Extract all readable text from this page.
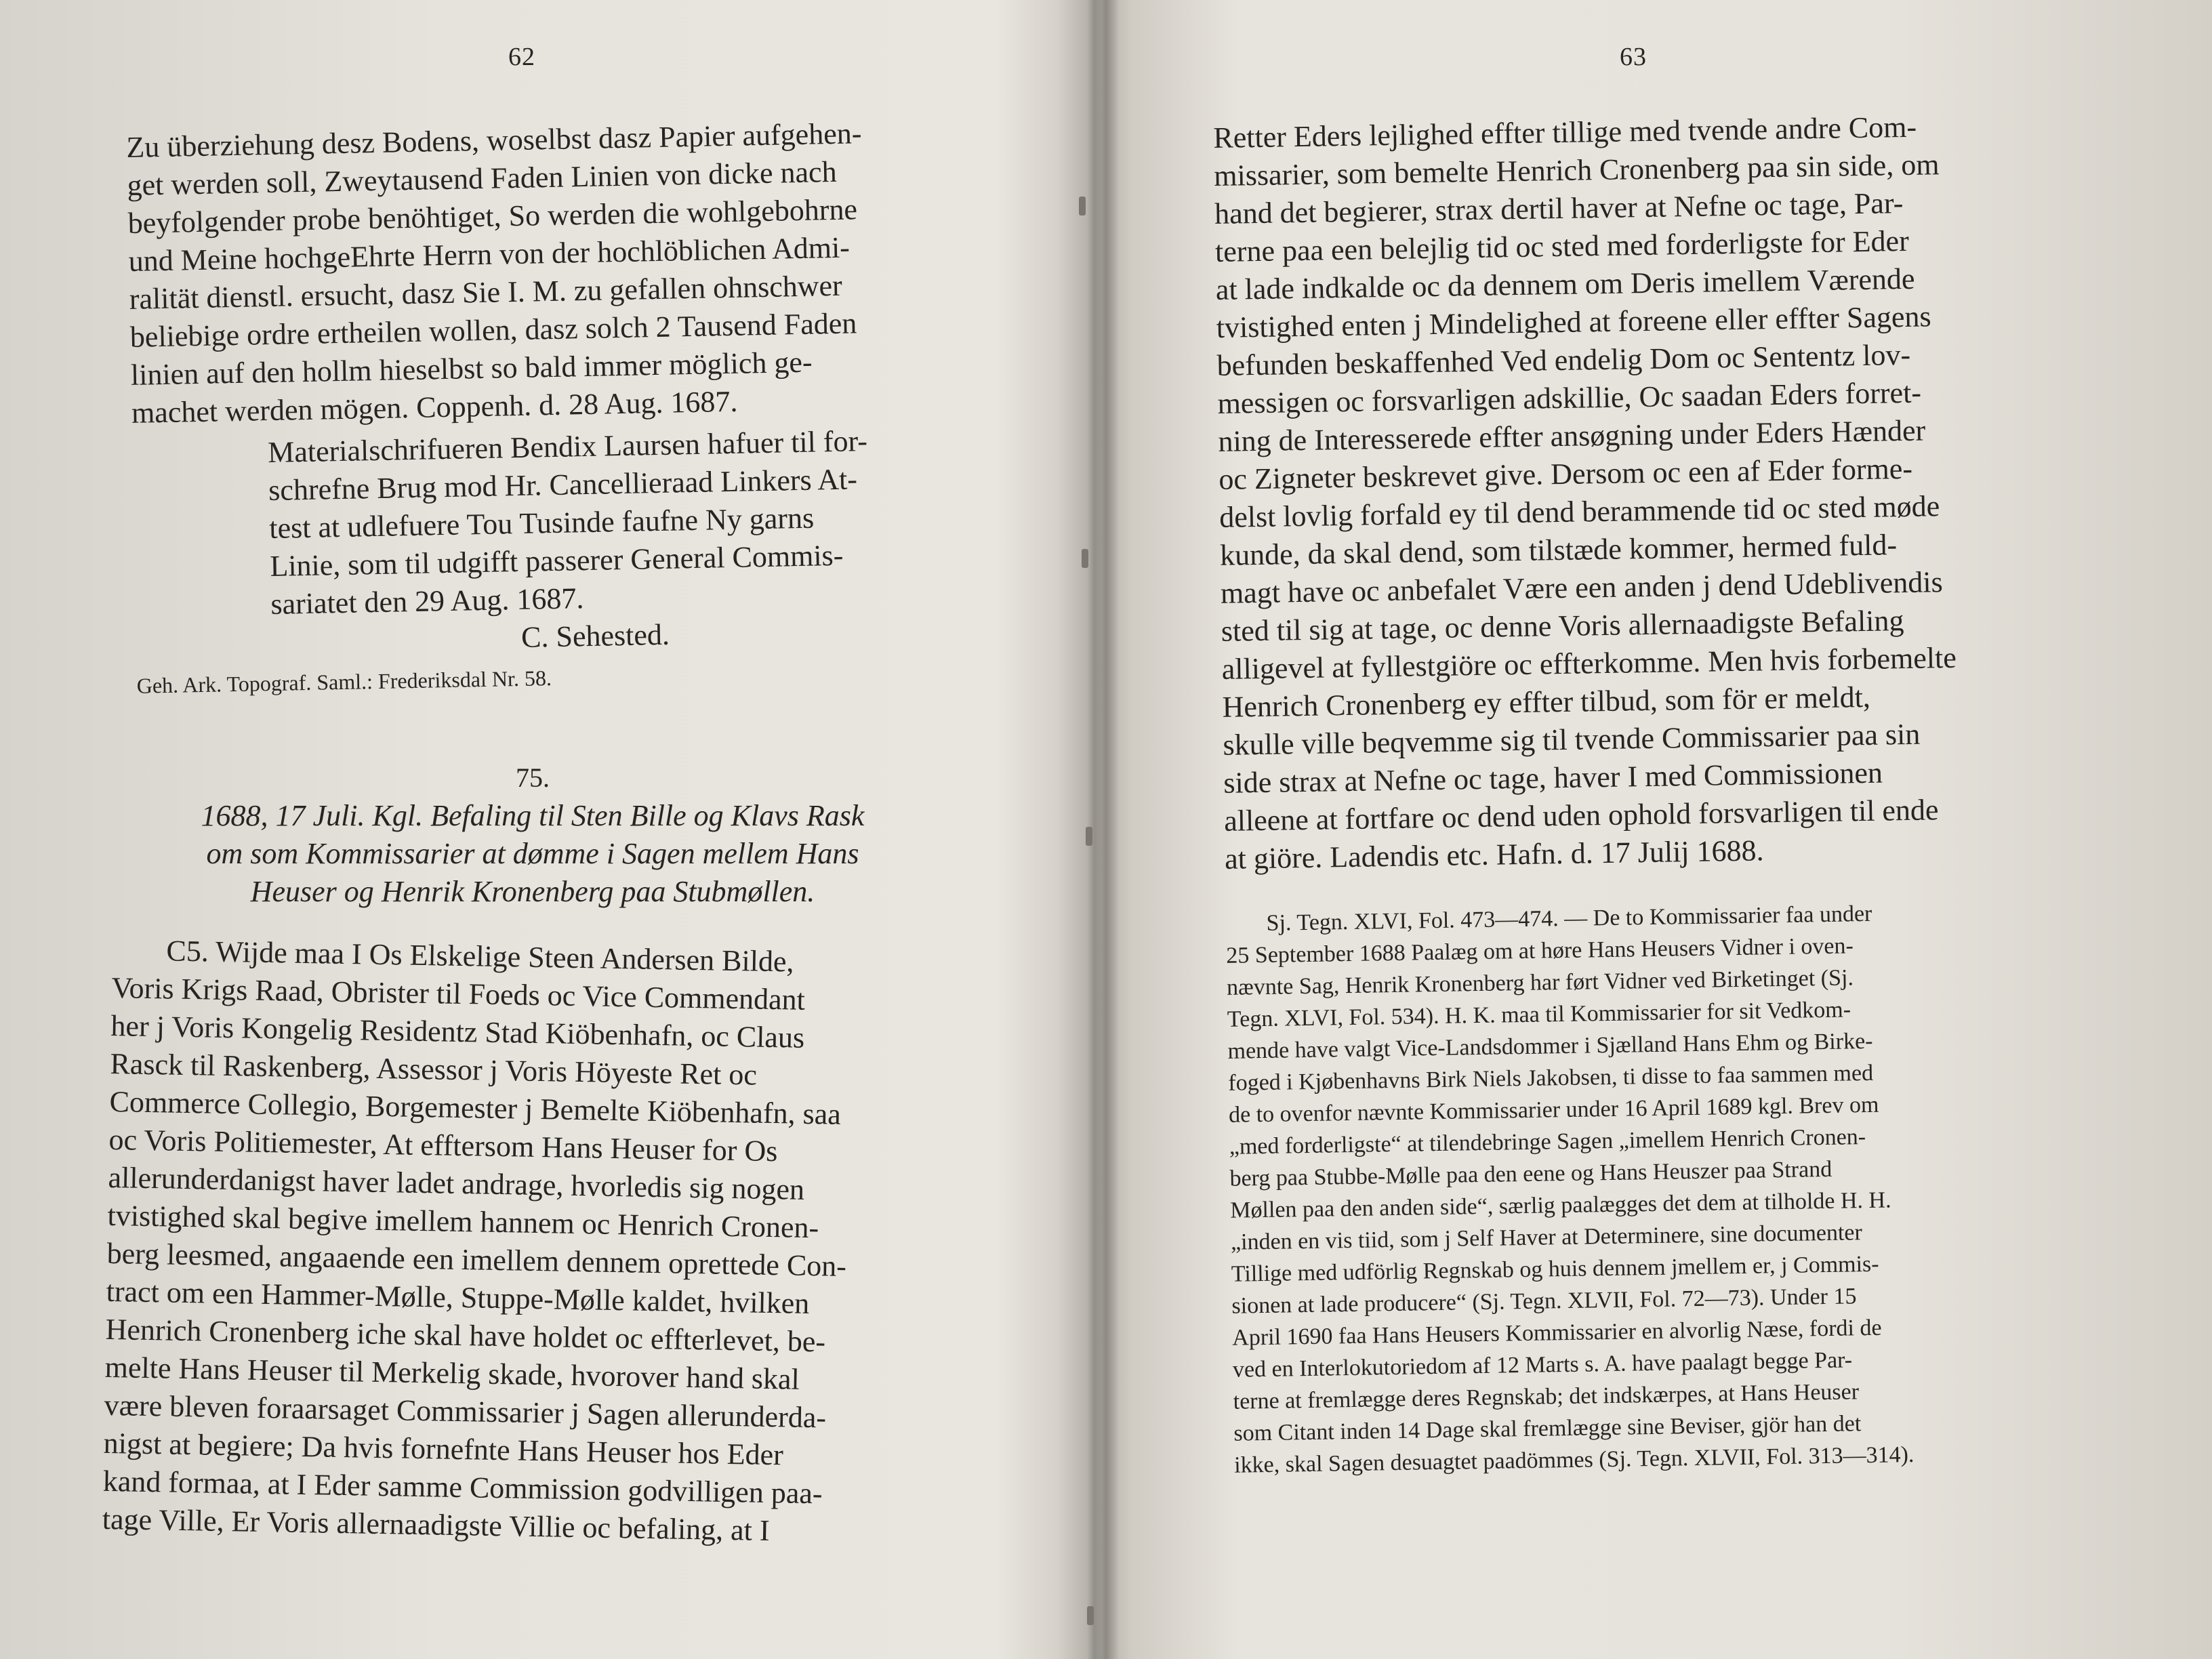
62

Zu überziehung desz Bodens, woselbst dasz Papier aufgehen-

get werden soll, Zweytausend Faden Linien von dicke nach

beyfolgender probe benöhtiget, So werden die wohlgebohrne

und Meine hochgeEhrte Herrn von der hochlöblichen Admi-

ralität dienstl. ersucht, dasz Sie I. M. zu gefallen ohnschwer

beliebige ordre ertheilen wollen, dasz solch 2 Tausend Faden

linien auf den hollm hieselbst so bald immer möglich ge-

machet werden mögen. Coppenh. d. 28 Aug. 1687.

Materialschrifueren Bendix Laursen hafuer til for-

schrefne Brug mod Hr. Cancellieraad Linkers At-

test at udlefuere Tou Tusinde faufne Ny garns

Linie, som til udgifft passerer General Commis-

sariatet den 29 Aug. 1687.

C. Sehested.

Geh. Ark. Topograf. Saml.: Frederiksdal Nr. 58.

75.

1688, 17 Juli. Kgl. Befaling til Sten Bille og Klavs Rask

om som Kommissarier at dømme i Sagen mellem Hans

Heuser og Henrik Kronenberg paa Stubmøllen.

C5. Wijde maa I Os Elskelige Steen Andersen Bilde,

Voris Krigs Raad, Obrister til Foeds oc Vice Commendant

her j Voris Kongelig Residentz Stad Kiöbenhafn, oc Claus

Rasck til Raskenberg, Assessor j Voris Höyeste Ret oc

Commerce Collegio, Borgemester j Bemelte Kiöbenhafn, saa

oc Voris Politiemester, At efftersom Hans Heuser for Os

allerunderdanigst haver ladet andrage, hvorledis sig nogen

tvistighed skal begive imellem hannem oc Henrich Cronen-

berg leesmed, angaaende een imellem dennem oprettede Con-

tract om een Hammer-Mølle, Stuppe-Mølle kaldet, hvilken

Henrich Cronenberg iche skal have holdet oc effterlevet, be-

melte Hans Heuser til Merkelig skade, hvorover hand skal

være bleven foraarsaget Commissarier j Sagen allerunderda-

nigst at begiere; Da hvis fornefnte Hans Heuser hos Eder

kand formaa, at I Eder samme Commission godvilligen paa-

tage Ville, Er Voris allernaadigste Villie oc befaling, at I

63

Retter Eders lejlighed effter tillige med tvende andre Com-

missarier, som bemelte Henrich Cronenberg paa sin side, om

hand det begierer, strax dertil haver at Nefne oc tage, Par-

terne paa een belejlig tid oc sted med forderligste for Eder

at lade indkalde oc da dennem om Deris imellem Værende

tvistighed enten j Mindelighed at foreene eller effter Sagens

befunden beskaffenhed Ved endelig Dom oc Sententz lov-

messigen oc forsvarligen adskillie, Oc saadan Eders forret-

ning de Interesserede effter ansøgning under Eders Hænder

oc Zigneter beskrevet give. Dersom oc een af Eder forme-

delst lovlig forfald ey til dend berammende tid oc sted møde

kunde, da skal dend, som tilstæde kommer, hermed fuld-

magt have oc anbefalet Være een anden j dend Udeblivendis

sted til sig at tage, oc denne Voris allernaadigste Befaling

alligevel at fyllestgiöre oc effterkomme. Men hvis forbemelte

Henrich Cronenberg ey effter tilbud, som för er meldt,

skulle ville beqvemme sig til tvende Commissarier paa sin

side strax at Nefne oc tage, haver I med Commissionen

alleene at fortfare oc dend uden ophold forsvarligen til ende

at giöre. Ladendis etc. Hafn. d. 17 Julij 1688.

Sj. Tegn. XLVI, Fol. 473—474. — De to Kommissarier faa under

25 September 1688 Paalæg om at høre Hans Heusers Vidner i oven-

nævnte Sag, Henrik Kronenberg har ført Vidner ved Birketinget (Sj.

Tegn. XLVI, Fol. 534). H. K. maa til Kommissarier for sit Vedkom-

mende have valgt Vice-Landsdommer i Sjælland Hans Ehm og Birke-

foged i Kjøbenhavns Birk Niels Jakobsen, ti disse to faa sammen med

de to ovenfor nævnte Kommissarier under 16 April 1689 kgl. Brev om

„med forderligste“ at tilendebringe Sagen „imellem Henrich Cronen-

berg paa Stubbe-Mølle paa den eene og Hans Heuszer paa Strand

Møllen paa den anden side“, særlig paalægges det dem at tilholde H. H.

„inden en vis tiid, som j Self Haver at Determinere, sine documenter

Tillige med udförlig Regnskab og huis dennem jmellem er, j Commis-

sionen at lade producere“ (Sj. Tegn. XLVII, Fol. 72—73). Under 15

April 1690 faa Hans Heusers Kommissarier en alvorlig Næse, fordi de

ved en Interlokutoriedom af 12 Marts s. A. have paalagt begge Par-

terne at fremlægge deres Regnskab; det indskærpes, at Hans Heuser

som Citant inden 14 Dage skal fremlægge sine Beviser, gjör han det

ikke, skal Sagen desuagtet paadömmes (Sj. Tegn. XLVII, Fol. 313—314).
